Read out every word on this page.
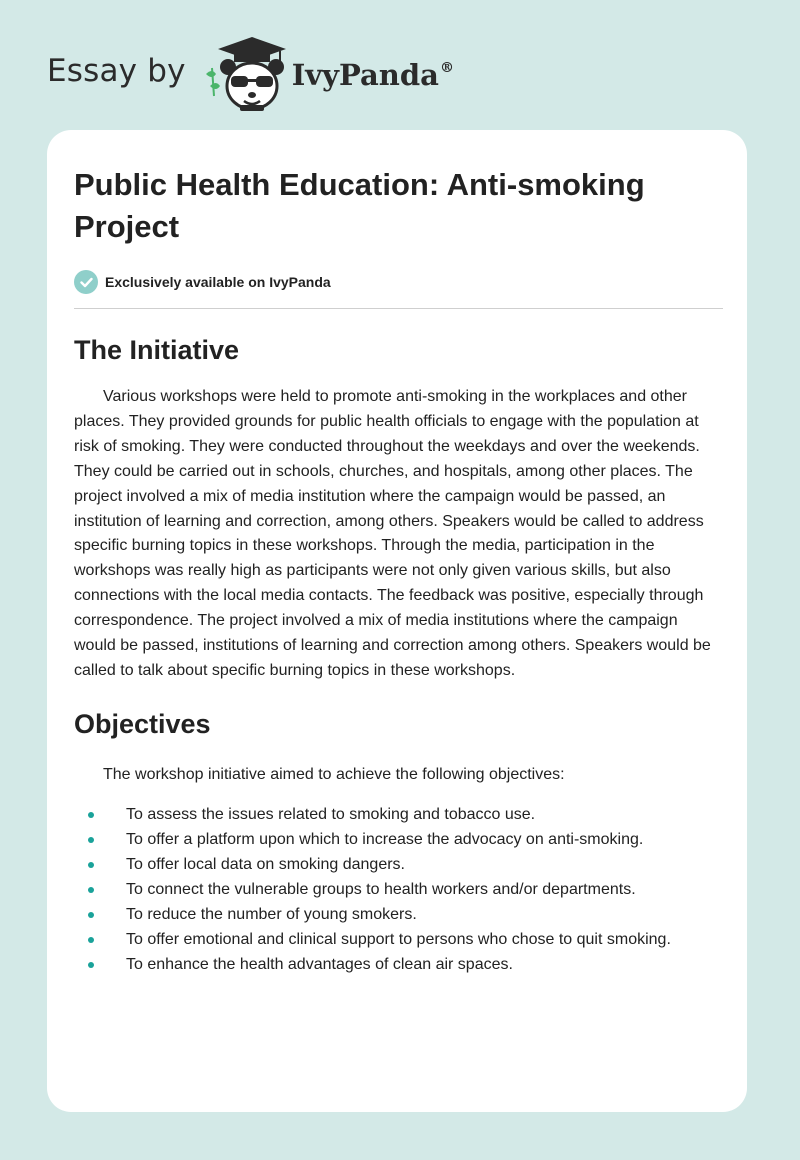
Essay by	IvyPanda®
Public Health Education: Anti-smoking Project
Exclusively available on IvyPanda
The Initiative

Various workshops were held to promote anti-smoking in the workplaces and other places. They provided grounds for public health officials to engage with the population at risk of smoking. They were conducted throughout the weekdays and over the weekends. They could be carried out in schools, churches, and hospitals, among other places. The project involved a mix of media institution where the campaign would be passed, an institution of learning and correction, among others. Speakers would be called to address specific burning topics in these workshops. Through the media, participation in the workshops was really high as participants were not only given various skills, but also connections with the local media contacts. The feedback was positive, especially through correspondence. The project involved a mix of media institutions where the campaign would be passed, institutions of learning and correction among others. Speakers would be called to talk about specific burning topics in these workshops.

Objectives

The workshop initiative aimed to achieve the following objectives:

To assess the issues related to smoking and tobacco use.
To offer a platform upon which to increase the advocacy on anti-smoking.
To offer local data on smoking dangers.
To connect the vulnerable groups to health workers and/or departments.
To reduce the number of young smokers.
To offer emotional and clinical support to persons who chose to quit smoking.
To enhance the health advantages of clean air spaces.
